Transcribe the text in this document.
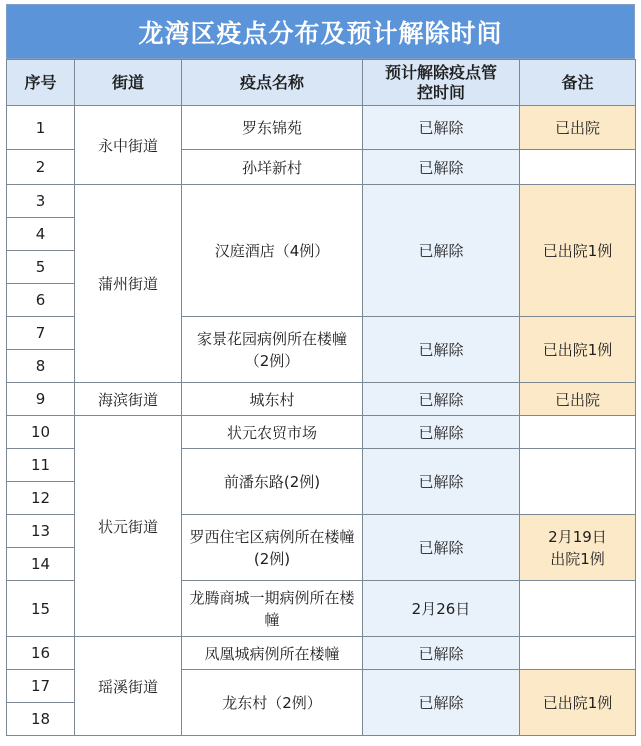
龙湾区疫点分布及预计解除时间
序号	街道	疫点名称	预计解除疫点管控时间	备注
1	永中街道	罗东锦苑	已解除	已出院
2		孙垟新村	已解除	
3	蒲州街道	汉庭酒店（4例）	已解除	已出院1例
4				
5				
6				
7		家景花园病例所在楼幢（2例）	已解除	已出院1例
8				
9	海滨街道	城东村	已解除	已出院
10	状元街道	状元农贸市场	已解除	
11		前潘东路(2例)	已解除	
12				
13		罗西住宅区病例所在楼幢(2例)	已解除	2月19日出院1例
14				
15		龙腾商城一期病例所在楼幢	2月26日	
16	瑶溪街道	凤凰城病例所在楼幢	已解除	
17		龙东村（2例）	已解除	已出院1例
18				
